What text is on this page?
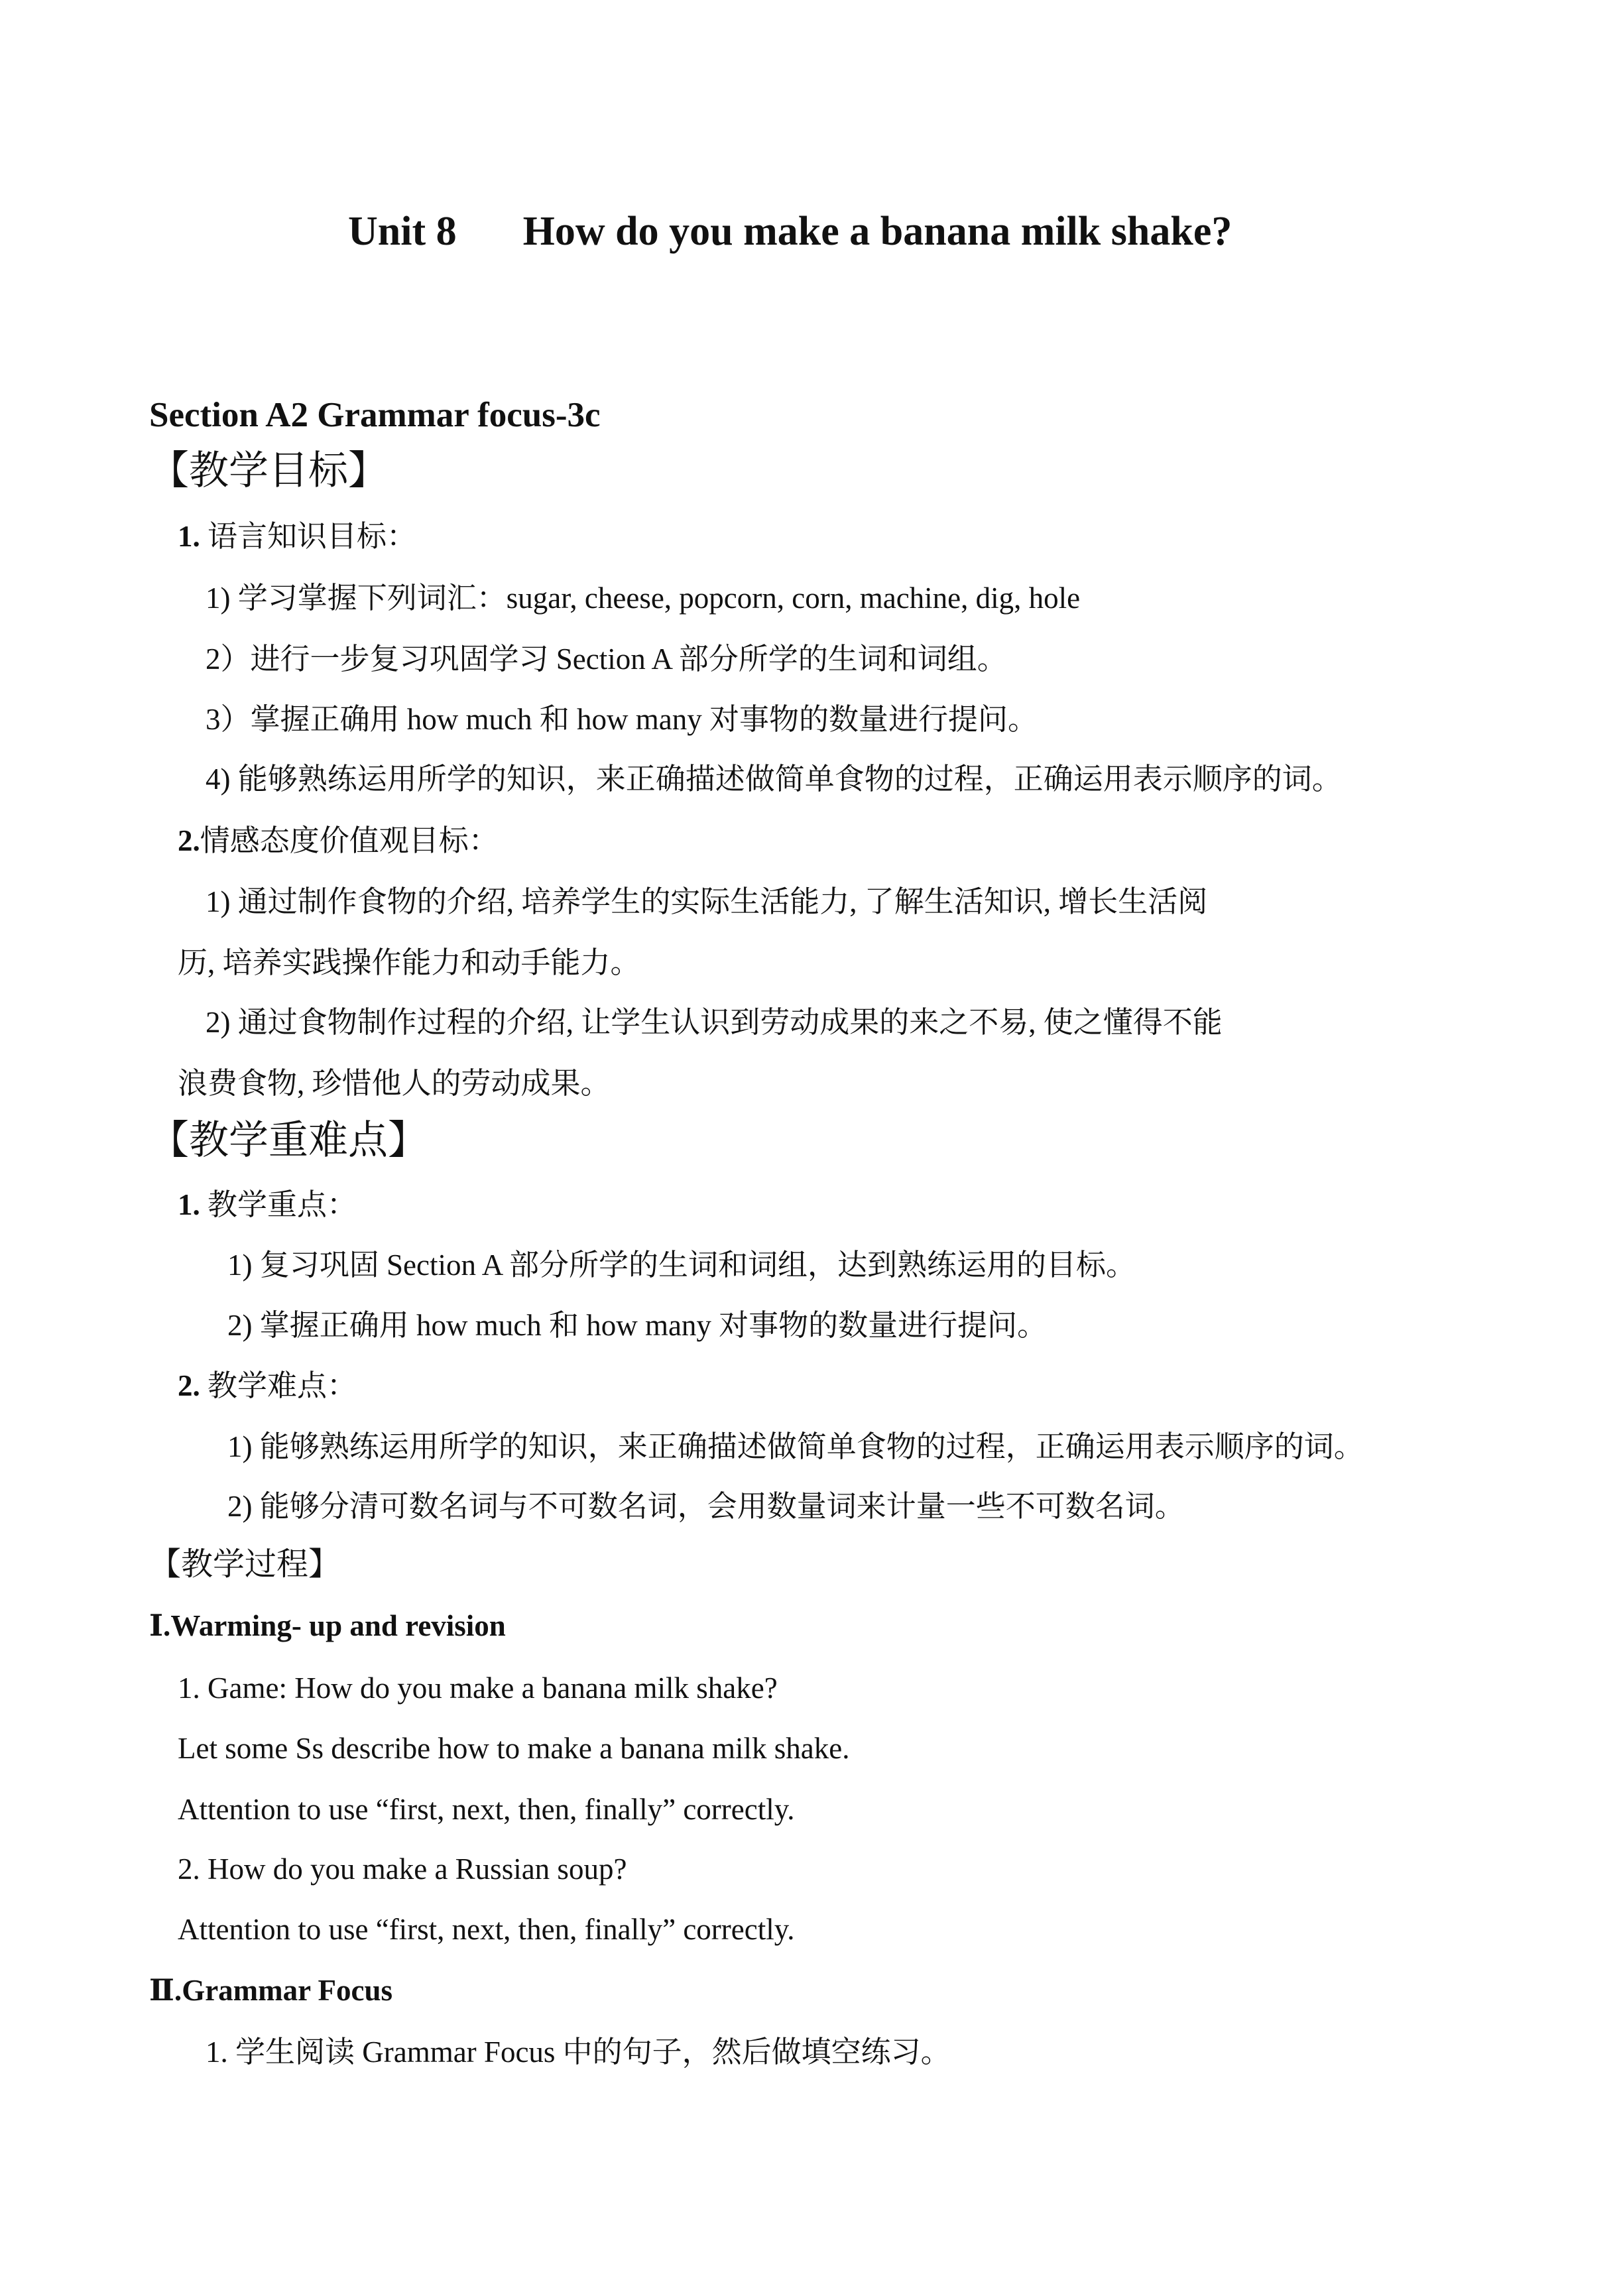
Unit 8 How do you make a banana milk shake?
Section A2 Grammar focus-3c
【教学目标】
1. 语言知识目标：
1) 学习掌握下列词汇：sugar, cheese, popcorn, corn, machine, dig, hole
2）进行一步复习巩固学习 Section A 部分所学的生词和词组。
3）掌握正确用 how much 和 how many 对事物的数量进行提问。
4) 能够熟练运用所学的知识，来正确描述做简单食物的过程，正确运用表示顺序的词。
2.情感态度价值观目标：
1) 通过制作食物的介绍, 培养学生的实际生活能力, 了解生活知识, 增长生活阅
历, 培养实践操作能力和动手能力。
2) 通过食物制作过程的介绍, 让学生认识到劳动成果的来之不易, 使之懂得不能
浪费食物, 珍惜他人的劳动成果。
【教学重难点】
1. 教学重点：
1) 复习巩固 Section A 部分所学的生词和词组，达到熟练运用的目标。
2) 掌握正确用 how much 和 how many 对事物的数量进行提问。
2. 教学难点：
1) 能够熟练运用所学的知识，来正确描述做简单食物的过程，正确运用表示顺序的词。
2) 能够分清可数名词与不可数名词，会用数量词来计量一些不可数名词。
【教学过程】
Ⅰ.Warming- up and revision
1. Game: How do you make a banana milk shake?
Let some Ss describe how to make a banana milk shake.
Attention to use “first, next, then, finally” correctly.
2. How do you make a Russian soup?
Attention to use “first, next, then, finally” correctly.
Ⅱ.Grammar Focus
1. 学生阅读 Grammar Focus 中的句子，然后做填空练习。
